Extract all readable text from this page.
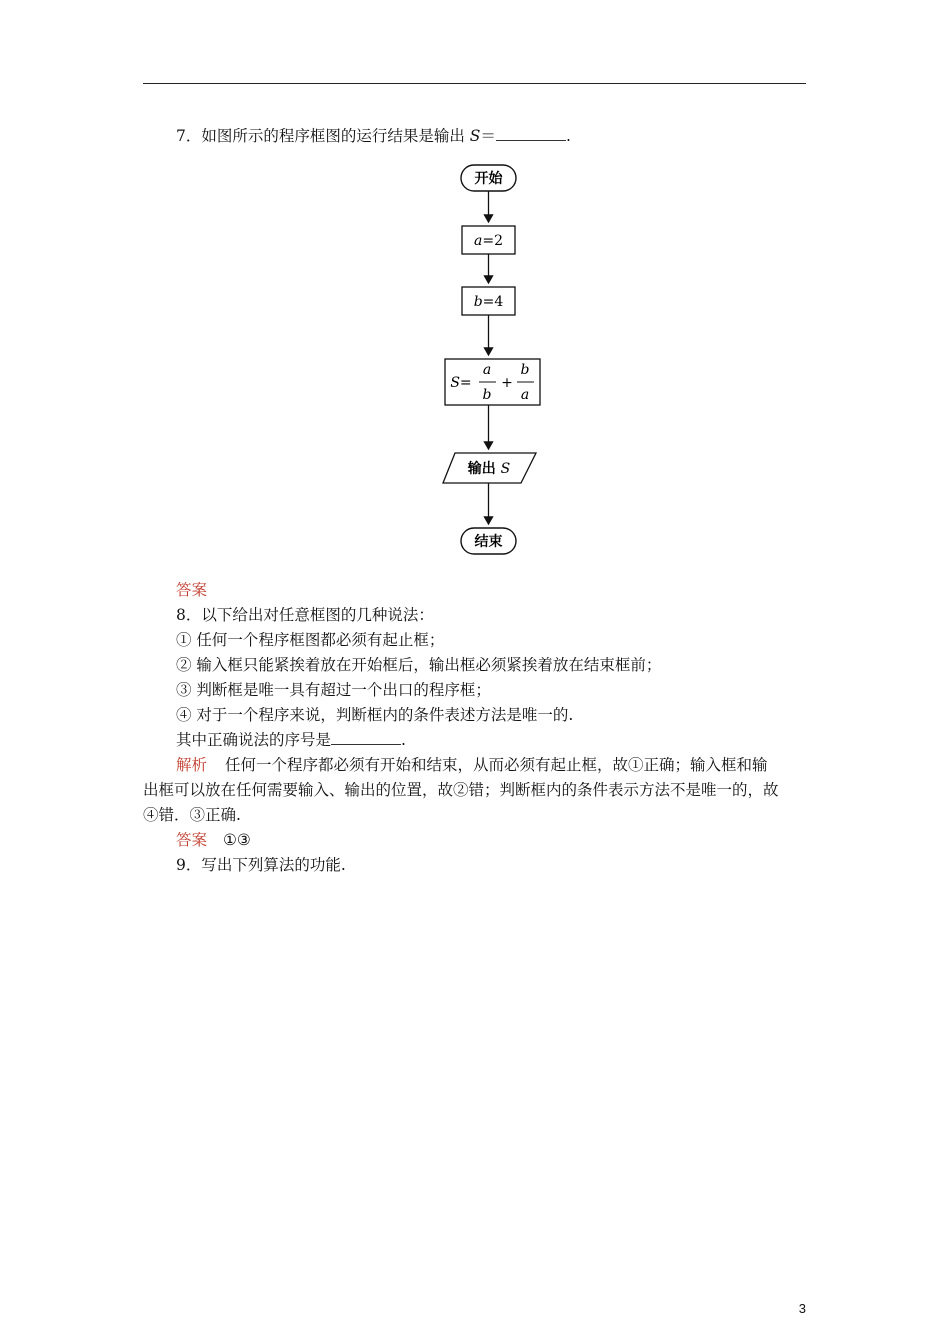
7．如图所示的程序框图的运行结果是输出 S＝	.
开始
a=2
b=4
S=
a
b
+
b
a
输出 S
结束
答案
8．以下给出对任意框图的几种说法：
① 任何一个程序框图都必须有起止框；
② 输入框只能紧挨着放在开始框后，输出框必须紧挨着放在结束框前；
③ 判断框是唯一具有超过一个出口的程序框；
④ 对于一个程序来说，判断框内的条件表述方法是唯一的.
其中正确说法的序号是	.
解析 任何一个程序都必须有开始和结束，从而必须有起止框，故①正确；输入框和输
出框可以放在任何需要输入、输出的位置，故②错；判断框内的条件表示方法不是唯一的，故
④错．③正确.
答案 ①③
9．写出下列算法的功能.
3
